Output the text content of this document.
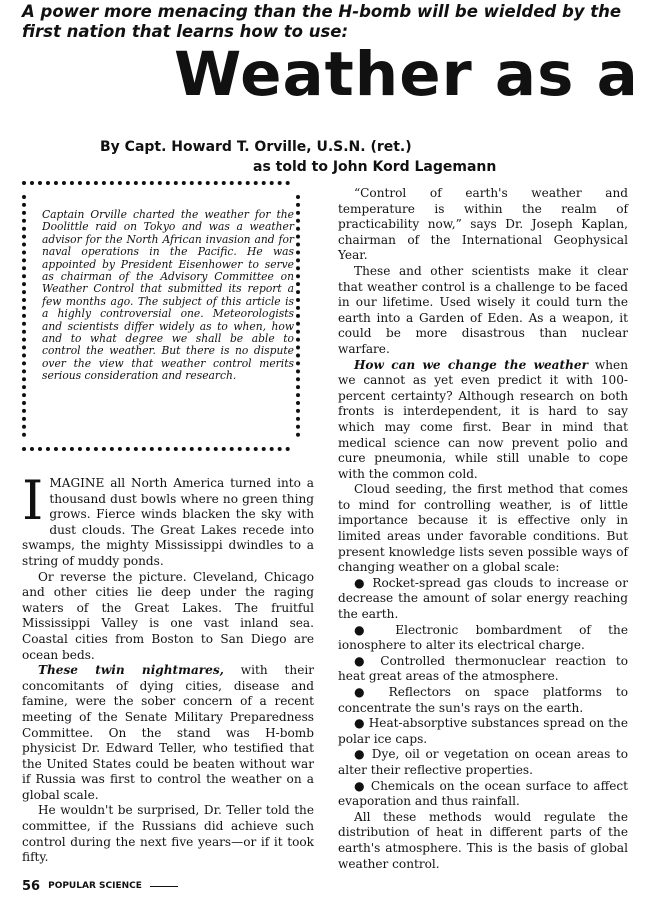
A power more menacing than the H-bomb will be wielded by the first nation that learns how to use:

Weather as a

By Capt. Howard T. Orville, U.S.N. (ret.)

as told to John Kord Lagemann

Captain Orville charted the weather for the Doolittle raid on Tokyo and was a weather advisor for the North African invasion and for naval operations in the Pacific. He was appointed by President Eisenhower to serve as chairman of the Advisory Committee on Weather Control that submitted its report a few months ago. The subject of this article is a highly controversial one. Meteorologists and scientists differ widely as to when, how and to what degree we shall be able to control the weather. But there is no dispute over the view that weather control merits serious consideration and research.

IMAGINE all North America turned into a thousand dust bowls where no green thing grows. Fierce winds blacken the sky with dust clouds. The Great Lakes recede into swamps, the mighty Mississippi dwindles to a string of muddy ponds.

Or reverse the picture. Cleveland, Chicago and other cities lie deep under the raging waters of the Great Lakes. The fruitful Mississippi Valley is one vast inland sea. Coastal cities from Boston to San Diego are ocean beds.

These twin nightmares, with their concomitants of dying cities, disease and famine, were the sober concern of a recent meeting of the Senate Military Preparedness Committee. On the stand was H-bomb physicist Dr. Edward Teller, who testified that the United States could be beaten without war if Russia was first to control the weather on a global scale.

He wouldn't be surprised, Dr. Teller told the committee, if the Russians did achieve such control during the next five years—or if it took fifty.

“Control of earth's weather and temperature is within the realm of practicability now,” says Dr. Joseph Kaplan, chairman of the International Geophysical Year.

These and other scientists make it clear that weather control is a challenge to be faced in our lifetime. Used wisely it could turn the earth into a Garden of Eden. As a weapon, it could be more disastrous than nuclear warfare.

How can we change the weather when we cannot as yet even predict it with 100-percent certainty? Although research on both fronts is interdependent, it is hard to say which may come first. Bear in mind that medical science can now prevent polio and cure pneumonia, while still unable to cope with the common cold.

Cloud seeding, the first method that comes to mind for controlling weather, is of little importance because it is effective only in limited areas under favorable conditions. But present knowledge lists seven possible ways of changing weather on a global scale:

● Rocket-spread gas clouds to increase or decrease the amount of solar energy reaching the earth.

● Electronic bombardment of the ionosphere to alter its electrical charge.

● Controlled thermonuclear reaction to heat great areas of the atmosphere.

● Reflectors on space platforms to concentrate the sun's rays on the earth.

● Heat-absorptive substances spread on the polar ice caps.

● Dye, oil or vegetation on ocean areas to alter their reflective properties.

● Chemicals on the ocean surface to affect evaporation and thus rainfall.

All these methods would regulate the distribution of heat in different parts of the earth's atmosphere. This is the basis of global weather control.

56 POPULAR SCIENCE
